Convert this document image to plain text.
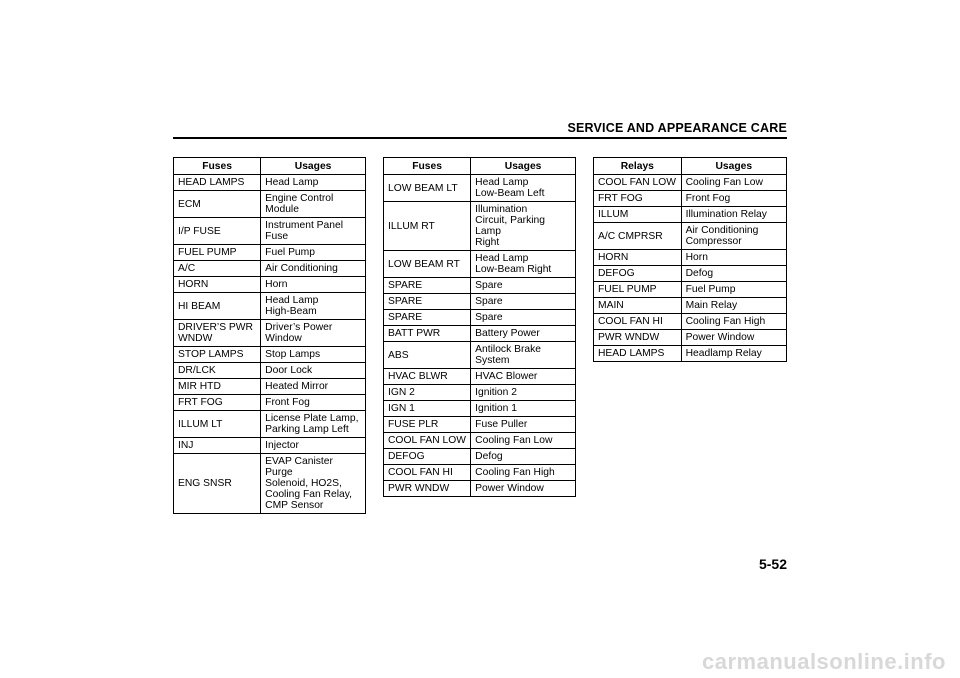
SERVICE AND APPEARANCE CARE
Fuses	Usages
HEAD LAMPS	Head Lamp
ECM	Engine Control
Module
I/P FUSE	Instrument Panel
Fuse
FUEL PUMP	Fuel Pump
A/C	Air Conditioning
HORN	Horn
HI BEAM	Head Lamp
High-Beam
DRIVER’S PWR
WNDW	Driver’s Power
Window
STOP LAMPS	Stop Lamps
DR/LCK	Door Lock
MIR HTD	Heated Mirror
FRT FOG	Front Fog
ILLUM LT	License Plate Lamp,
Parking Lamp Left
INJ	Injector
ENG SNSR	EVAP Canister Purge
Solenoid, HO2S,
Cooling Fan Relay,
CMP Sensor
Fuses	Usages
LOW BEAM LT	Head Lamp
Low-Beam Left
ILLUM RT	Illumination
Circuit, Parking Lamp
Right
LOW BEAM RT	Head Lamp
Low-Beam Right
SPARE	Spare
SPARE	Spare
SPARE	Spare
BATT PWR	Battery Power
ABS	Antilock Brake
System
HVAC BLWR	HVAC Blower
IGN 2	Ignition 2
IGN 1	Ignition 1
FUSE PLR	Fuse Puller
COOL FAN LOW	Cooling Fan Low
DEFOG	Defog
COOL FAN HI	Cooling Fan High
PWR WNDW	Power Window
Relays	Usages
COOL FAN LOW	Cooling Fan Low
FRT FOG	Front Fog
ILLUM	Illumination Relay
A/C CMPRSR	Air Conditioning
Compressor
HORN	Horn
DEFOG	Defog
FUEL PUMP	Fuel Pump
MAIN	Main Relay
COOL FAN HI	Cooling Fan High
PWR WNDW	Power Window
HEAD LAMPS	Headlamp Relay
5-52
carmanualsonline.info
